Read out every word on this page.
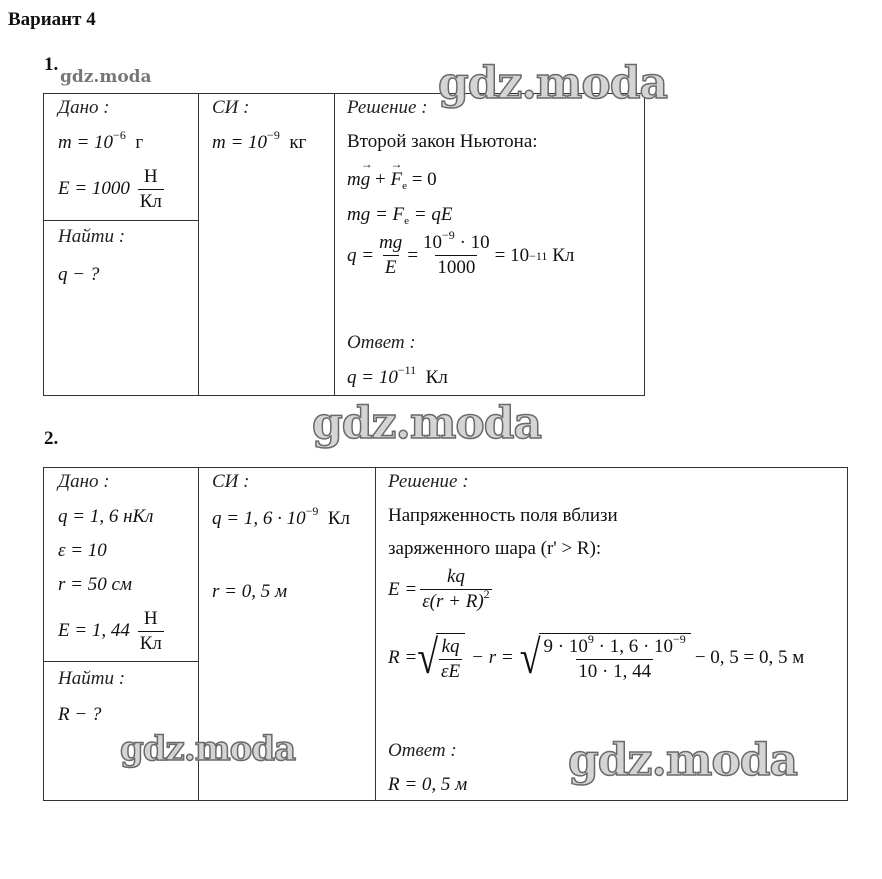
Вариант 4
1.
gdz.moda
Дано :
$m = 10^{-6}$ г
$E = 1000 \frac{Н}{Кл}$
Найти :
q − ?
СИ :
$m = 10^{-9}$ кг
Решение :
Второй закон Ньютона:
m→ g + → $F_e = 0$
mg = $F_e$ = qE
$q = \frac{mg}{E} = \frac{10^{-9} \cdot 10}{1000} = 10 -11$
Кл
Ответ :
$q = 10^{-11}$ Кл
gdz.moda
gdz.moda
2.
Дано :
q = 1, 6 нКл
ε = 10
r = 50 см
E = 1, $44 \frac{Н}{Кл}$
Найти :
R − ?
СИ :
q = 1, $6 \cdot 10^{-9}$ Кл
r = 0, 5 м
Решение :
Напряженность поля вблизи
заряженного шара (r' > R):
$E = \frac{kq}{\varepsilon(r + R)^2}$
R = √ $\frac{kq}{\varepsilon E} - r$ = √ $\frac{9 \cdot 10^9 \cdot 1, 6 \cdot 10^{-9}}{10 \cdot 1, 44} - 0$, 5 = 0, 5 м
Ответ :
R = 0, 5 м
gdz.moda	gdz.moda
